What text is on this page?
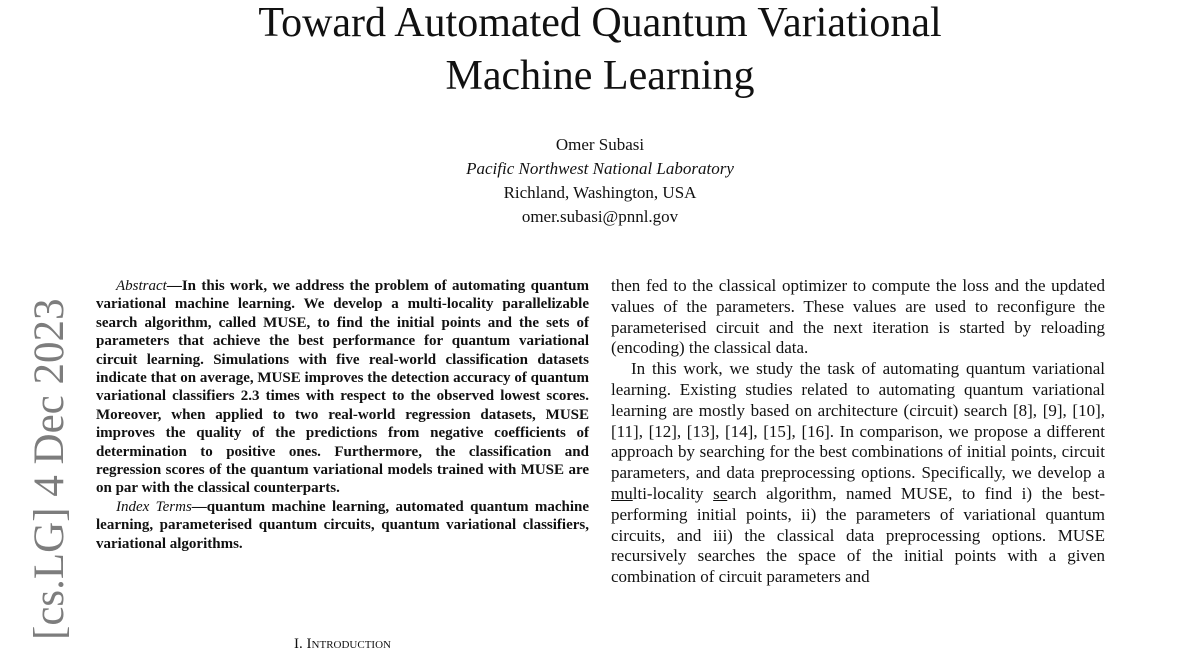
Toward Automated Quantum Variational
Machine Learning
Omer Subasi
Pacific Northwest National Laboratory
Richland, Washington, USA
omer.subasi@pnnl.gov
[cs.LG] 4 Dec 2023

Abstract—In this work, we address the problem of automating quantum variational machine learning. We develop a multi-locality parallelizable search algorithm, called MUSE, to find the initial points and the sets of parameters that achieve the best performance for quantum variational circuit learning. Simulations with five real-world classification datasets indicate that on average, MUSE improves the detection accuracy of quantum variational classifiers 2.3 times with respect to the observed lowest scores. Moreover, when applied to two real-world regression datasets, MUSE improves the quality of the predictions from negative coefficients of determination to positive ones. Furthermore, the classification and regression scores of the quantum variational models trained with MUSE are on par with the classical counterparts.

Index Terms—quantum machine learning, automated quantum machine learning, parameterised quantum circuits, quantum variational classifiers, variational algorithms.

I. Introduction

then fed to the classical optimizer to compute the loss and the updated values of the parameters. These values are used to reconfigure the parameterised circuit and the next iteration is started by reloading (encoding) the classical data.

In this work, we study the task of automating quantum variational learning. Existing studies related to automating quantum variational learning are mostly based on architecture (circuit) search [8], [9], [10], [11], [12], [13], [14], [15], [16]. In comparison, we propose a different approach by searching for the best combinations of initial points, circuit parameters, and data preprocessing options. Specifically, we develop a multi-locality search algorithm, named MUSE, to find i) the best-performing initial points, ii) the parameters of variational quantum circuits, and iii) the classical data preprocessing options. MUSE recursively searches the space of the initial points with a given combination of circuit parameters and
